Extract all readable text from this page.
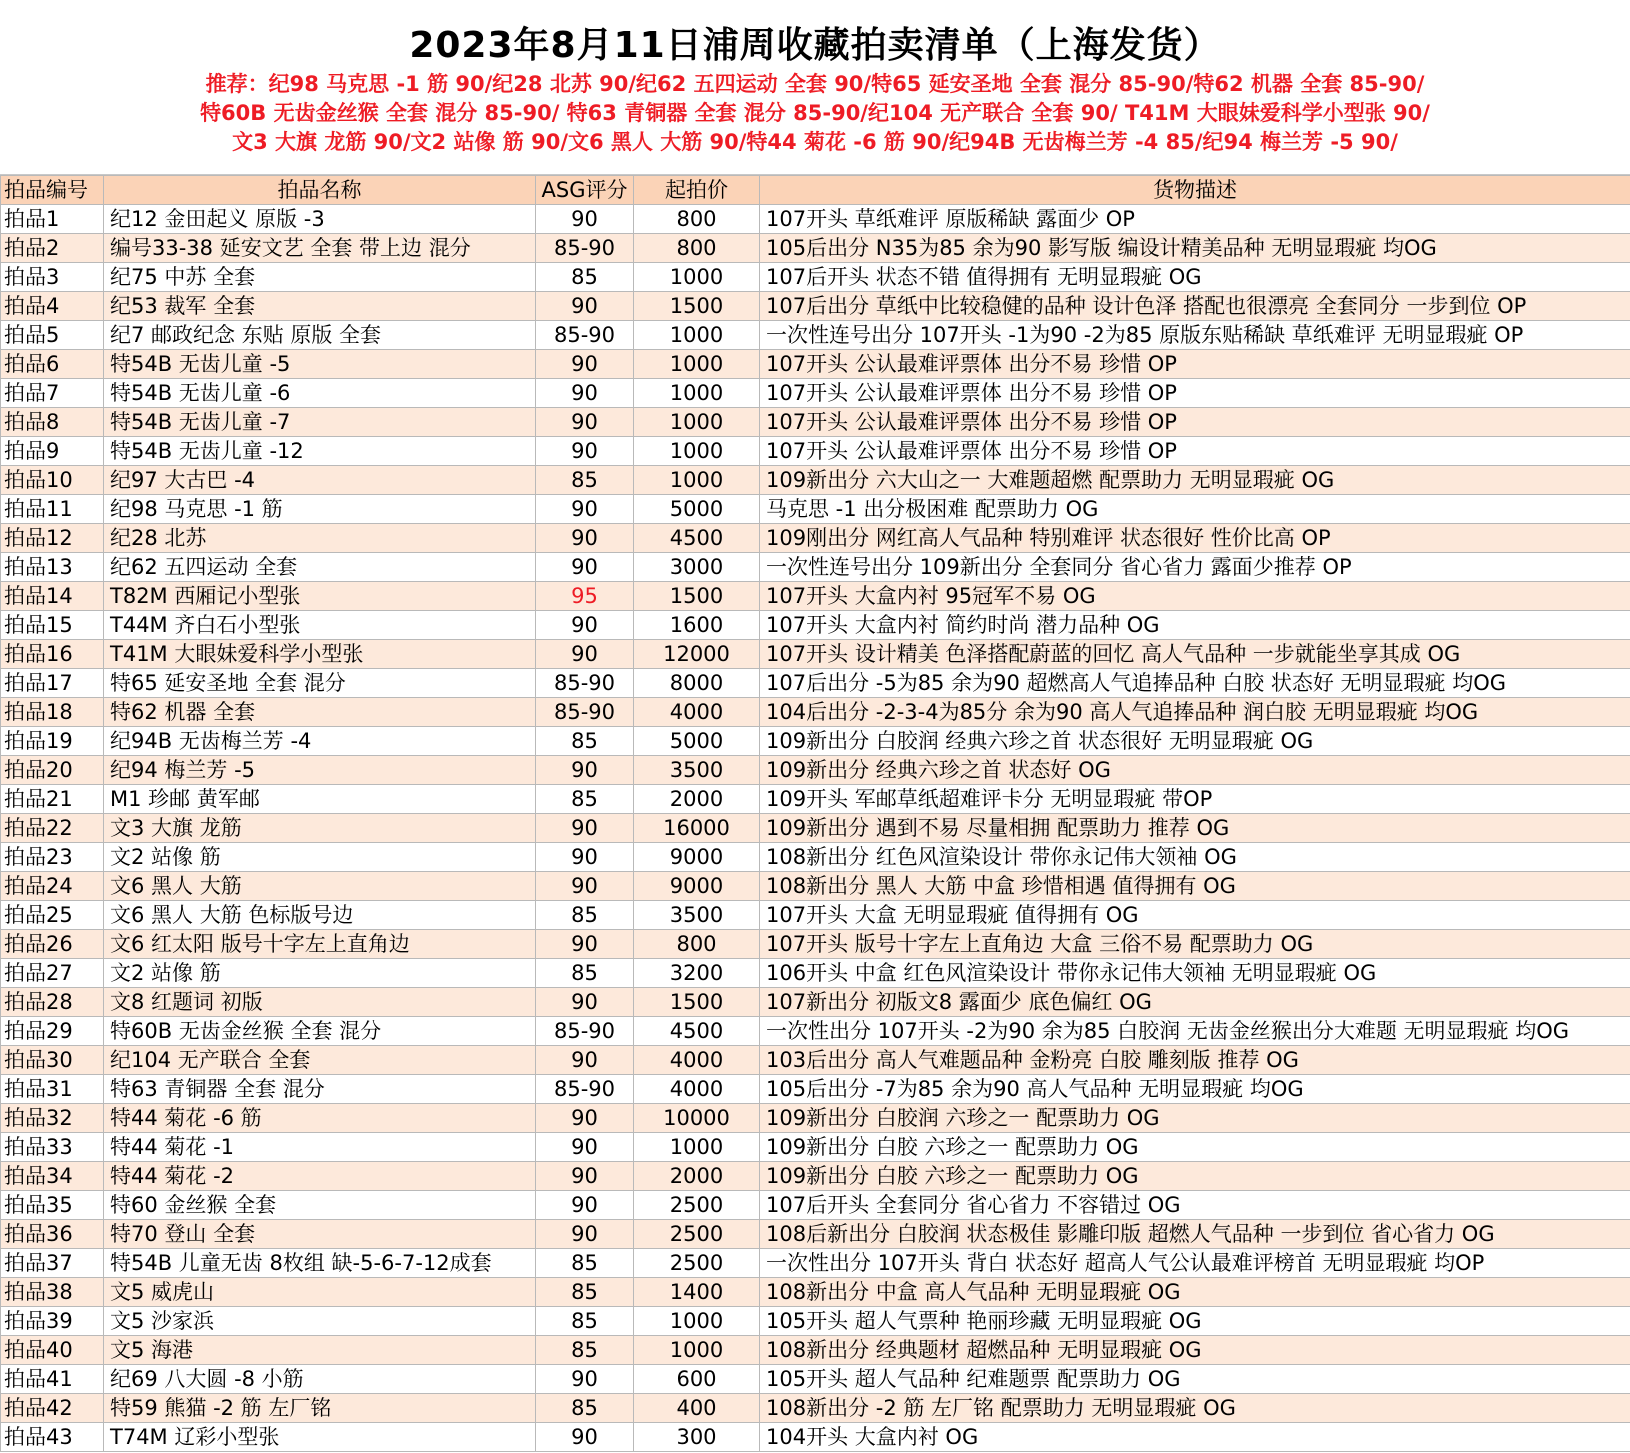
2023年8月11日浦周收藏拍卖清单（上海发货）
推荐：纪98 马克思 -1 筋 90/纪28 北苏 90/纪62 五四运动 全套 90/特65 延安圣地 全套 混分 85-90/特62 机器 全套 85-90/
特60B 无齿金丝猴 全套 混分 85-90/ 特63 青铜器 全套 混分 85-90/纪104 无产联合 全套 90/ T41M 大眼妹爱科学小型张 90/
文3 大旗 龙筋 90/文2 站像 筋 90/文6 黑人 大筋 90/特44 菊花 -6 筋 90/纪94B 无齿梅兰芳 -4 85/纪94 梅兰芳 -5 90/
拍品编号	拍品名称	ASG评分	起拍价	货物描述
拍品1	纪12 金田起义 原版 -3	90	800	107开头 草纸难评 原版稀缺 露面少 OP
拍品2	编号33-38 延安文艺 全套 带上边 混分	85-90	800	105后出分 N35为85 余为90 影写版 编设计精美品种 无明显瑕疵 均OG
拍品3	纪75 中苏 全套	85	1000	107后开头 状态不错 值得拥有 无明显瑕疵 OG
拍品4	纪53 裁军 全套	90	1500	107后出分 草纸中比较稳健的品种 设计色泽 搭配也很漂亮 全套同分 一步到位 OP
拍品5	纪7 邮政纪念 东贴 原版 全套	85-90	1000	一次性连号出分 107开头 -1为90 -2为85 原版东贴稀缺 草纸难评 无明显瑕疵 OP
拍品6	特54B 无齿儿童 -5	90	1000	107开头 公认最难评票体 出分不易 珍惜 OP
拍品7	特54B 无齿儿童 -6	90	1000	107开头 公认最难评票体 出分不易 珍惜 OP
拍品8	特54B 无齿儿童 -7	90	1000	107开头 公认最难评票体 出分不易 珍惜 OP
拍品9	特54B 无齿儿童 -12	90	1000	107开头 公认最难评票体 出分不易 珍惜 OP
拍品10	纪97 大古巴 -4	85	1000	109新出分 六大山之一 大难题超燃 配票助力 无明显瑕疵 OG
拍品11	纪98 马克思 -1 筋	90	5000	马克思 -1 出分极困难 配票助力 OG
拍品12	纪28 北苏	90	4500	109刚出分 网红高人气品种 特别难评 状态很好 性价比高 OP
拍品13	纪62 五四运动 全套	90	3000	一次性连号出分 109新出分 全套同分 省心省力 露面少推荐 OP
拍品14	T82M 西厢记小型张	95	1500	107开头 大盒内衬 95冠军不易 OG
拍品15	T44M 齐白石小型张	90	1600	107开头 大盒内衬 简约时尚 潜力品种 OG
拍品16	T41M 大眼妹爱科学小型张	90	12000	107开头 设计精美 色泽搭配蔚蓝的回忆 高人气品种 一步就能坐享其成 OG
拍品17	特65 延安圣地 全套 混分	85-90	8000	107后出分 -5为85 余为90 超燃高人气追捧品种 白胶 状态好 无明显瑕疵 均OG
拍品18	特62 机器 全套	85-90	4000	104后出分 -2-3-4为85分 余为90 高人气追捧品种 润白胶 无明显瑕疵 均OG
拍品19	纪94B 无齿梅兰芳 -4	85	5000	109新出分 白胶润 经典六珍之首 状态很好 无明显瑕疵 OG
拍品20	纪94 梅兰芳 -5	90	3500	109新出分 经典六珍之首 状态好 OG
拍品21	M1 珍邮 黄军邮	85	2000	109开头 军邮草纸超难评卡分 无明显瑕疵 带OP
拍品22	文3 大旗 龙筋	90	16000	109新出分 遇到不易 尽量相拥 配票助力 推荐 OG
拍品23	文2 站像 筋	90	9000	108新出分 红色风渲染设计 带你永记伟大领袖 OG
拍品24	文6 黑人 大筋	90	9000	108新出分 黑人 大筋 中盒 珍惜相遇 值得拥有 OG
拍品25	文6 黑人 大筋 色标版号边	85	3500	107开头 大盒 无明显瑕疵 值得拥有 OG
拍品26	文6 红太阳 版号十字左上直角边	90	800	107开头 版号十字左上直角边 大盒 三俗不易 配票助力 OG
拍品27	文2 站像 筋	85	3200	106开头 中盒 红色风渲染设计 带你永记伟大领袖 无明显瑕疵 OG
拍品28	文8 红题词 初版	90	1500	107新出分 初版文8 露面少 底色偏红 OG
拍品29	特60B 无齿金丝猴 全套 混分	85-90	4500	一次性出分 107开头 -2为90 余为85 白胶润 无齿金丝猴出分大难题 无明显瑕疵 均OG
拍品30	纪104 无产联合 全套	90	4000	103后出分 高人气难题品种 金粉亮 白胶 雕刻版 推荐 OG
拍品31	特63 青铜器 全套 混分	85-90	4000	105后出分 -7为85 余为90 高人气品种 无明显瑕疵 均OG
拍品32	特44 菊花 -6 筋	90	10000	109新出分 白胶润 六珍之一 配票助力 OG
拍品33	特44 菊花 -1	90	1000	109新出分 白胶 六珍之一 配票助力 OG
拍品34	特44 菊花 -2	90	2000	109新出分 白胶 六珍之一 配票助力 OG
拍品35	特60 金丝猴 全套	90	2500	107后开头 全套同分 省心省力 不容错过 OG
拍品36	特70 登山 全套	90	2500	108后新出分 白胶润 状态极佳 影雕印版 超燃人气品种 一步到位 省心省力 OG
拍品37	特54B 儿童无齿 8枚组 缺-5-6-7-12成套	85	2500	一次性出分 107开头 背白 状态好 超高人气公认最难评榜首 无明显瑕疵 均OP
拍品38	文5 威虎山	85	1400	108新出分 中盒 高人气品种 无明显瑕疵 OG
拍品39	文5 沙家浜	85	1000	105开头 超人气票种 艳丽珍藏 无明显瑕疵 OG
拍品40	文5 海港	85	1000	108新出分 经典题材 超燃品种 无明显瑕疵 OG
拍品41	纪69 八大圆 -8 小筋	90	600	105开头 超人气品种 纪难题票 配票助力 OG
拍品42	特59 熊猫 -2 筋 左厂铭	85	400	108新出分 -2 筋 左厂铭 配票助力 无明显瑕疵 OG
拍品43	T74M 辽彩小型张	90	300	104开头 大盒内衬 OG
